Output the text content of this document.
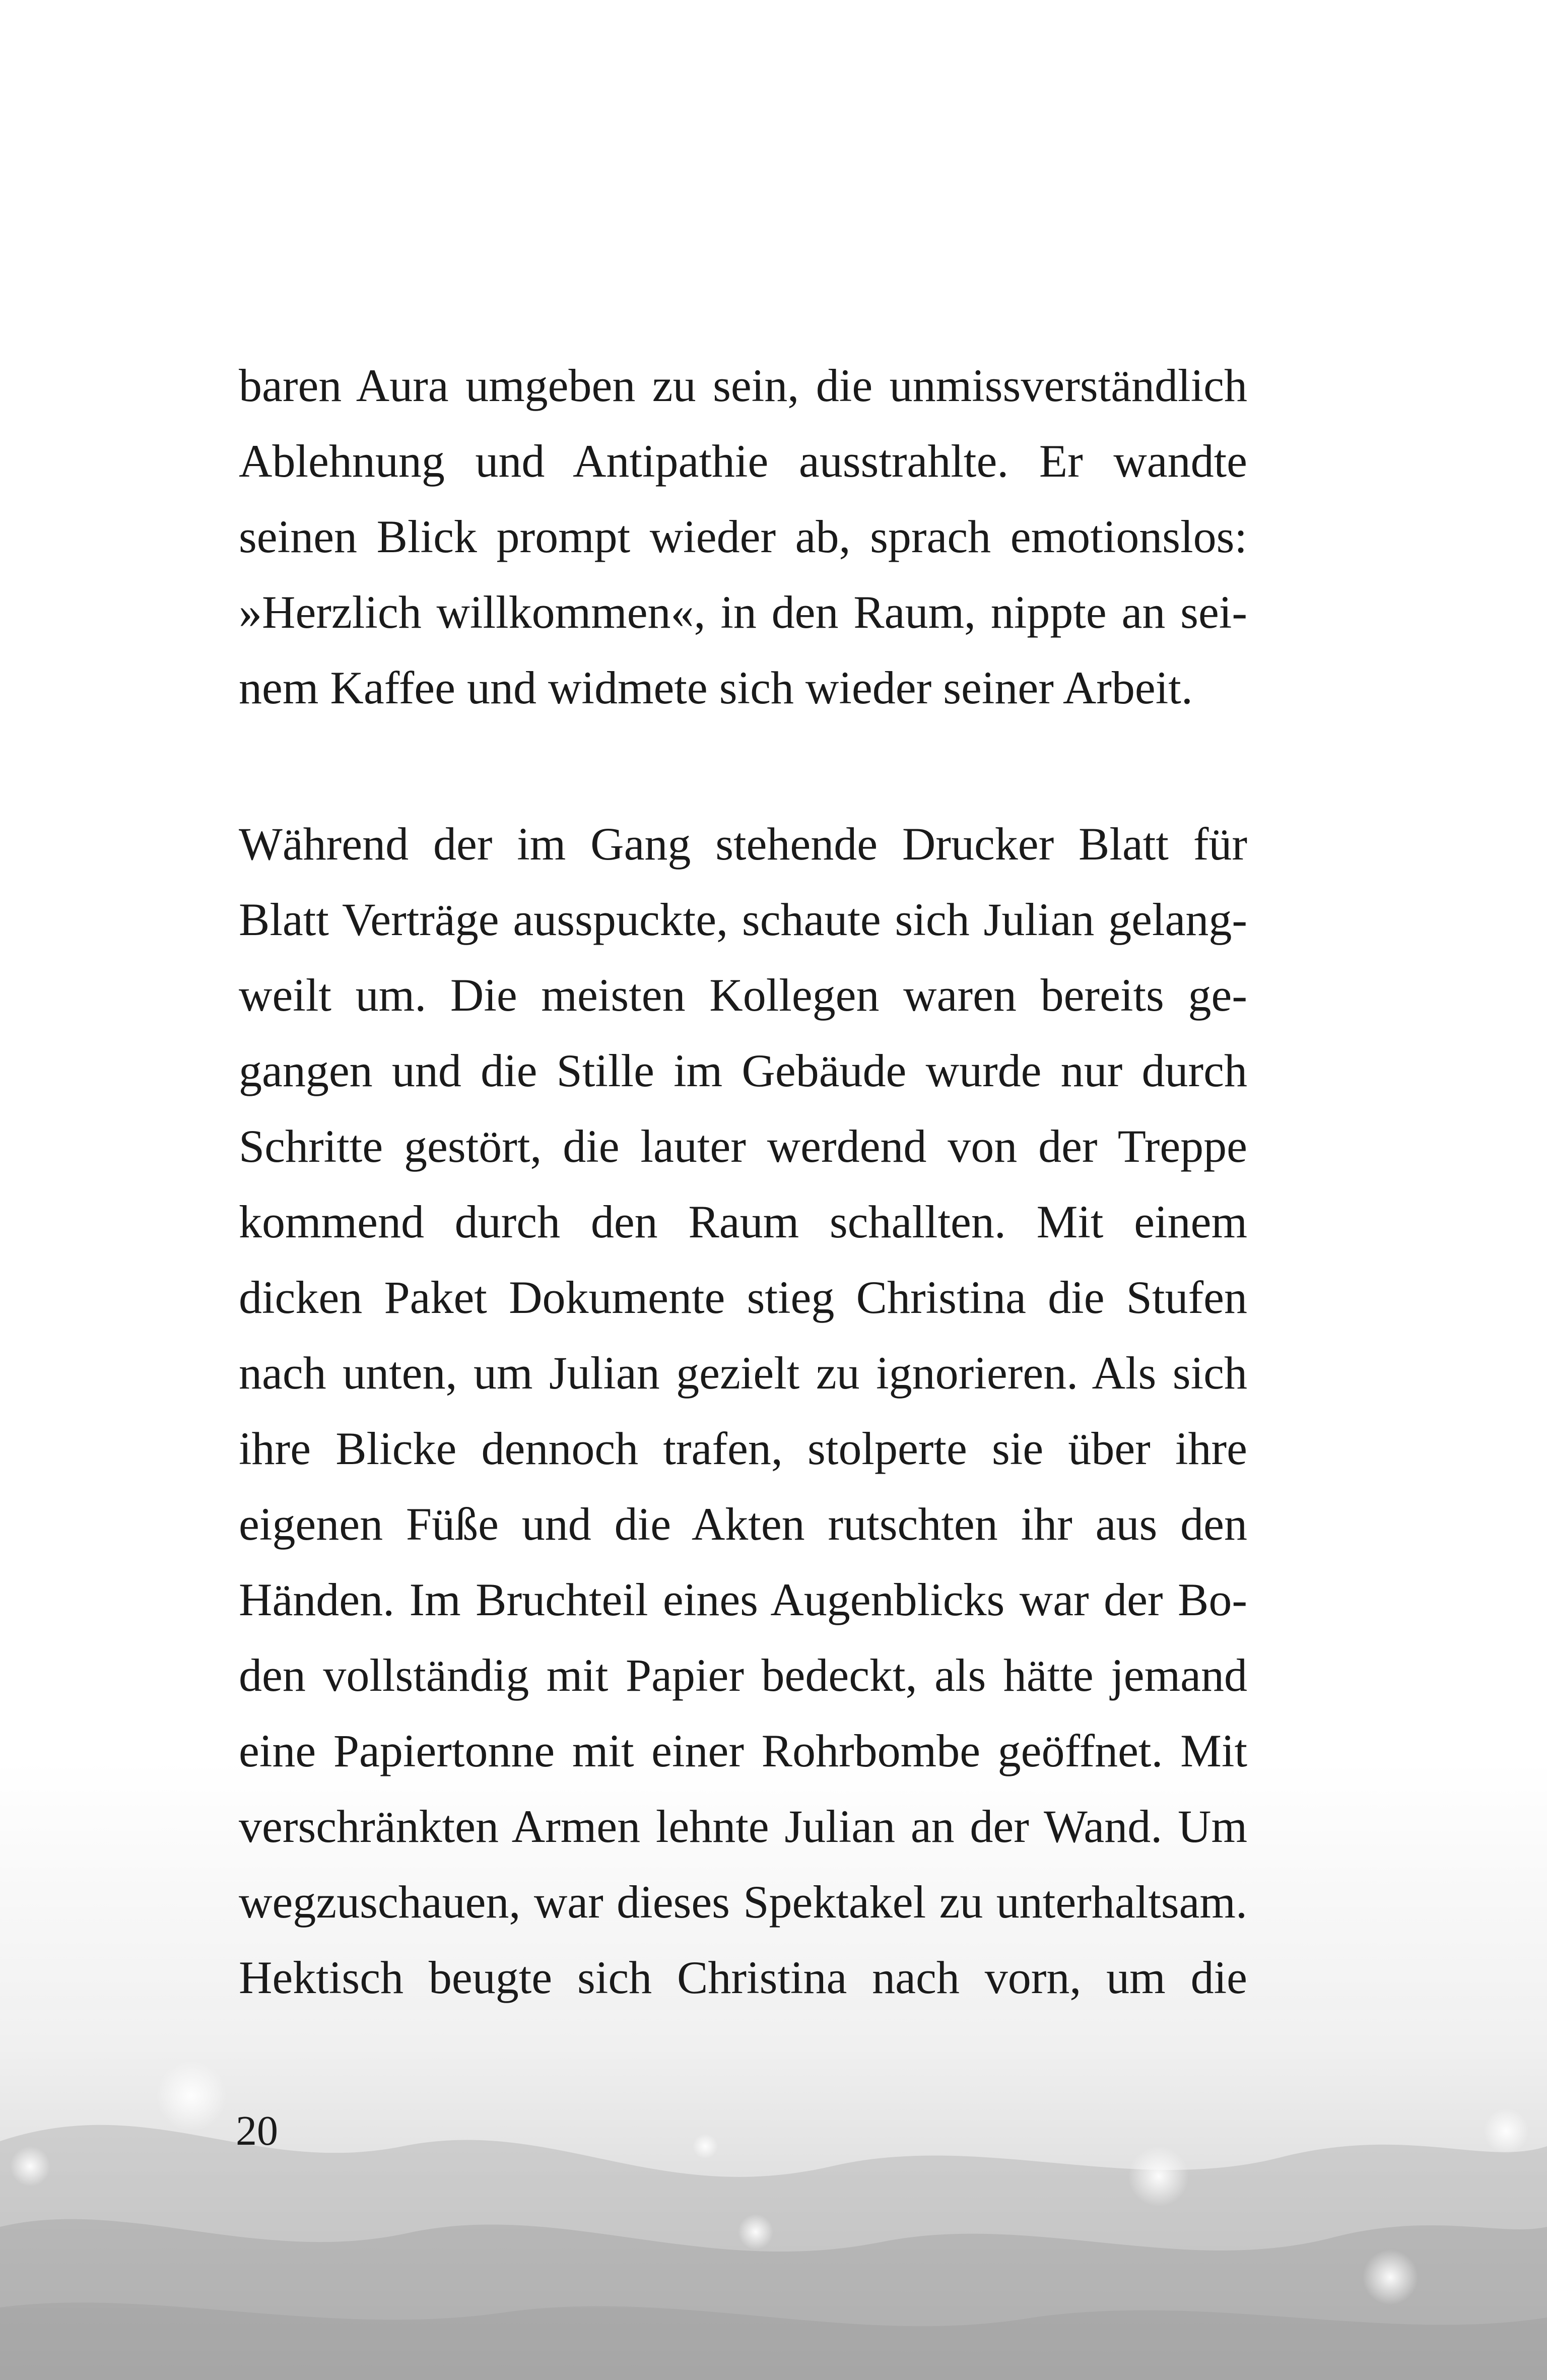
baren Aura umgeben zu sein, die unmissverständlich
Ablehnung und Antipathie ausstrahlte. Er wandte
seinen Blick prompt wieder ab, sprach emotionslos:
»Herzlich willkommen«, in den Raum, nippte an sei-
nem Kaffee und widmete sich wieder seiner Arbeit.
Während der im Gang stehende Drucker Blatt für
Blatt Verträge ausspuckte, schaute sich Julian gelang-
weilt um. Die meisten Kollegen waren bereits ge-
gangen und die Stille im Gebäude wurde nur durch
Schritte gestört, die lauter werdend von der Treppe
kommend durch den Raum schallten. Mit einem
dicken Paket Dokumente stieg Christina die Stufen
nach unten, um Julian gezielt zu ignorieren. Als sich
ihre Blicke dennoch trafen, stolperte sie über ihre
eigenen Füße und die Akten rutschten ihr aus den
Händen. Im Bruchteil eines Augenblicks war der Bo-
den vollständig mit Papier bedeckt, als hätte jemand
eine Papiertonne mit einer Rohrbombe geöffnet. Mit
verschränkten Armen lehnte Julian an der Wand. Um
wegzuschauen, war dieses Spektakel zu unterhaltsam.
Hektisch beugte sich Christina nach vorn, um die
20
